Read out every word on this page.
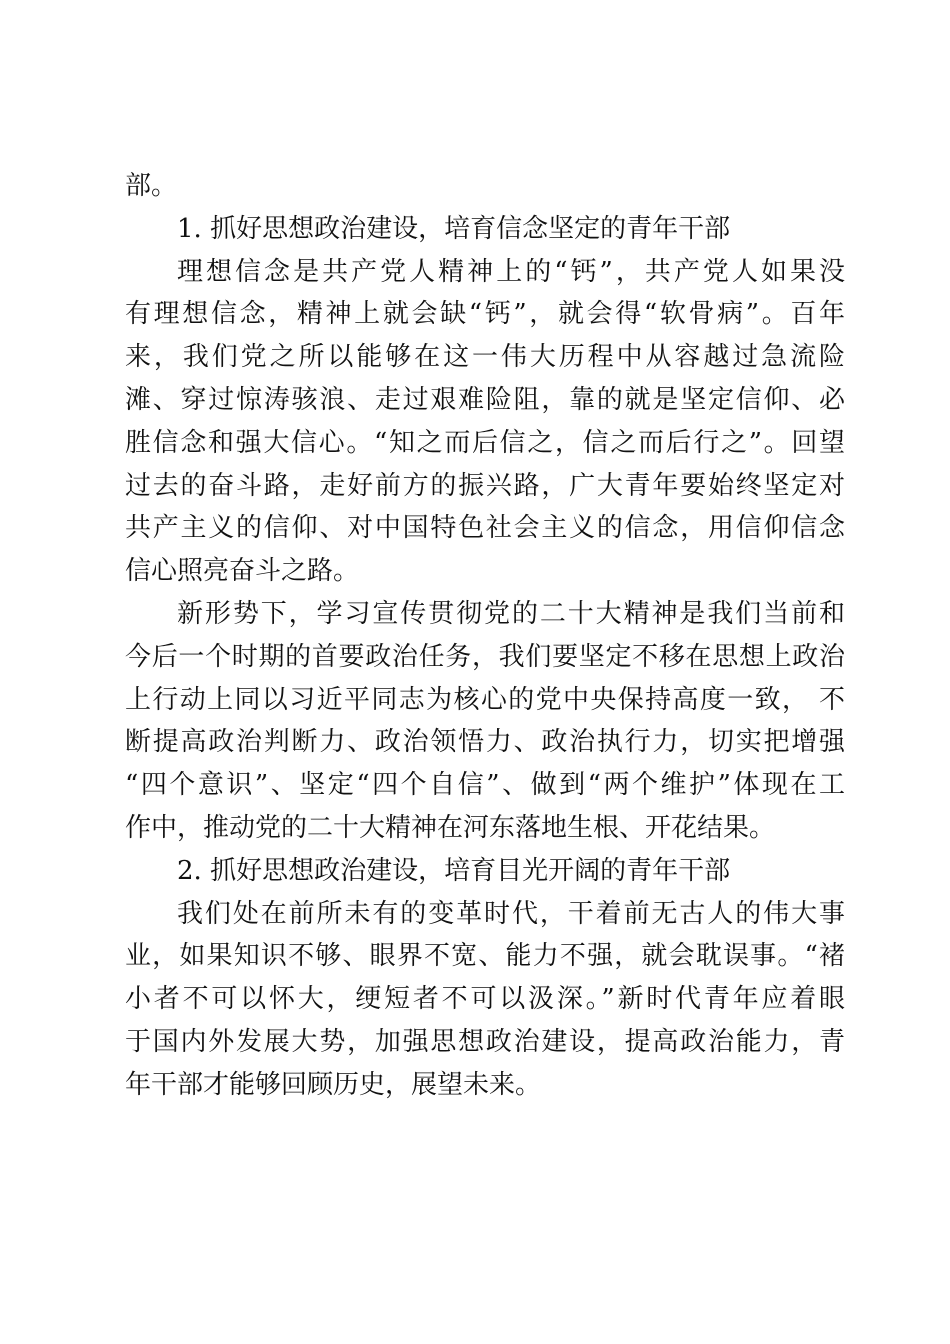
部。
1. 抓好思想政治建设，培育信念坚定的青年干部
理想信念是共产党人精神上的“钙”，共产党人如果没
有理想信念，精神上就会缺“钙”，就会得“软骨病”。百年
来，我们党之所以能够在这一伟大历程中从容越过急流险
滩、穿过惊涛骇浪、走过艰难险阻，靠的就是坚定信仰、必
胜信念和强大信心。“知之而后信之，信之而后行之”。回望
过去的奋斗路，走好前方的振兴路，广大青年要始终坚定对
共产主义的信仰、对中国特色社会主义的信念，用信仰信念
信心照亮奋斗之路。
新形势下，学习宣传贯彻党的二十大精神是我们当前和
今后一个时期的首要政治任务，我们要坚定不移在思想上政治
上行动上同以习近平同志为核心的党中央保持高度一致， 不
断提高政治判断力、政治领悟力、政治执行力，切实把增强
“四个意识”、坚定“四个自信”、做到“两个维护”体现在工
作中，推动党的二十大精神在河东落地生根、开花结果。
2. 抓好思想政治建设，培育目光开阔的青年干部
我们处在前所未有的变革时代，干着前无古人的伟大事
业，如果知识不够、眼界不宽、能力不强，就会耽误事。“褚
小者不可以怀大，绠短者不可以汲深。”新时代青年应着眼
于国内外发展大势，加强思想政治建设，提高政治能力，青
年干部才能够回顾历史，展望未来。
